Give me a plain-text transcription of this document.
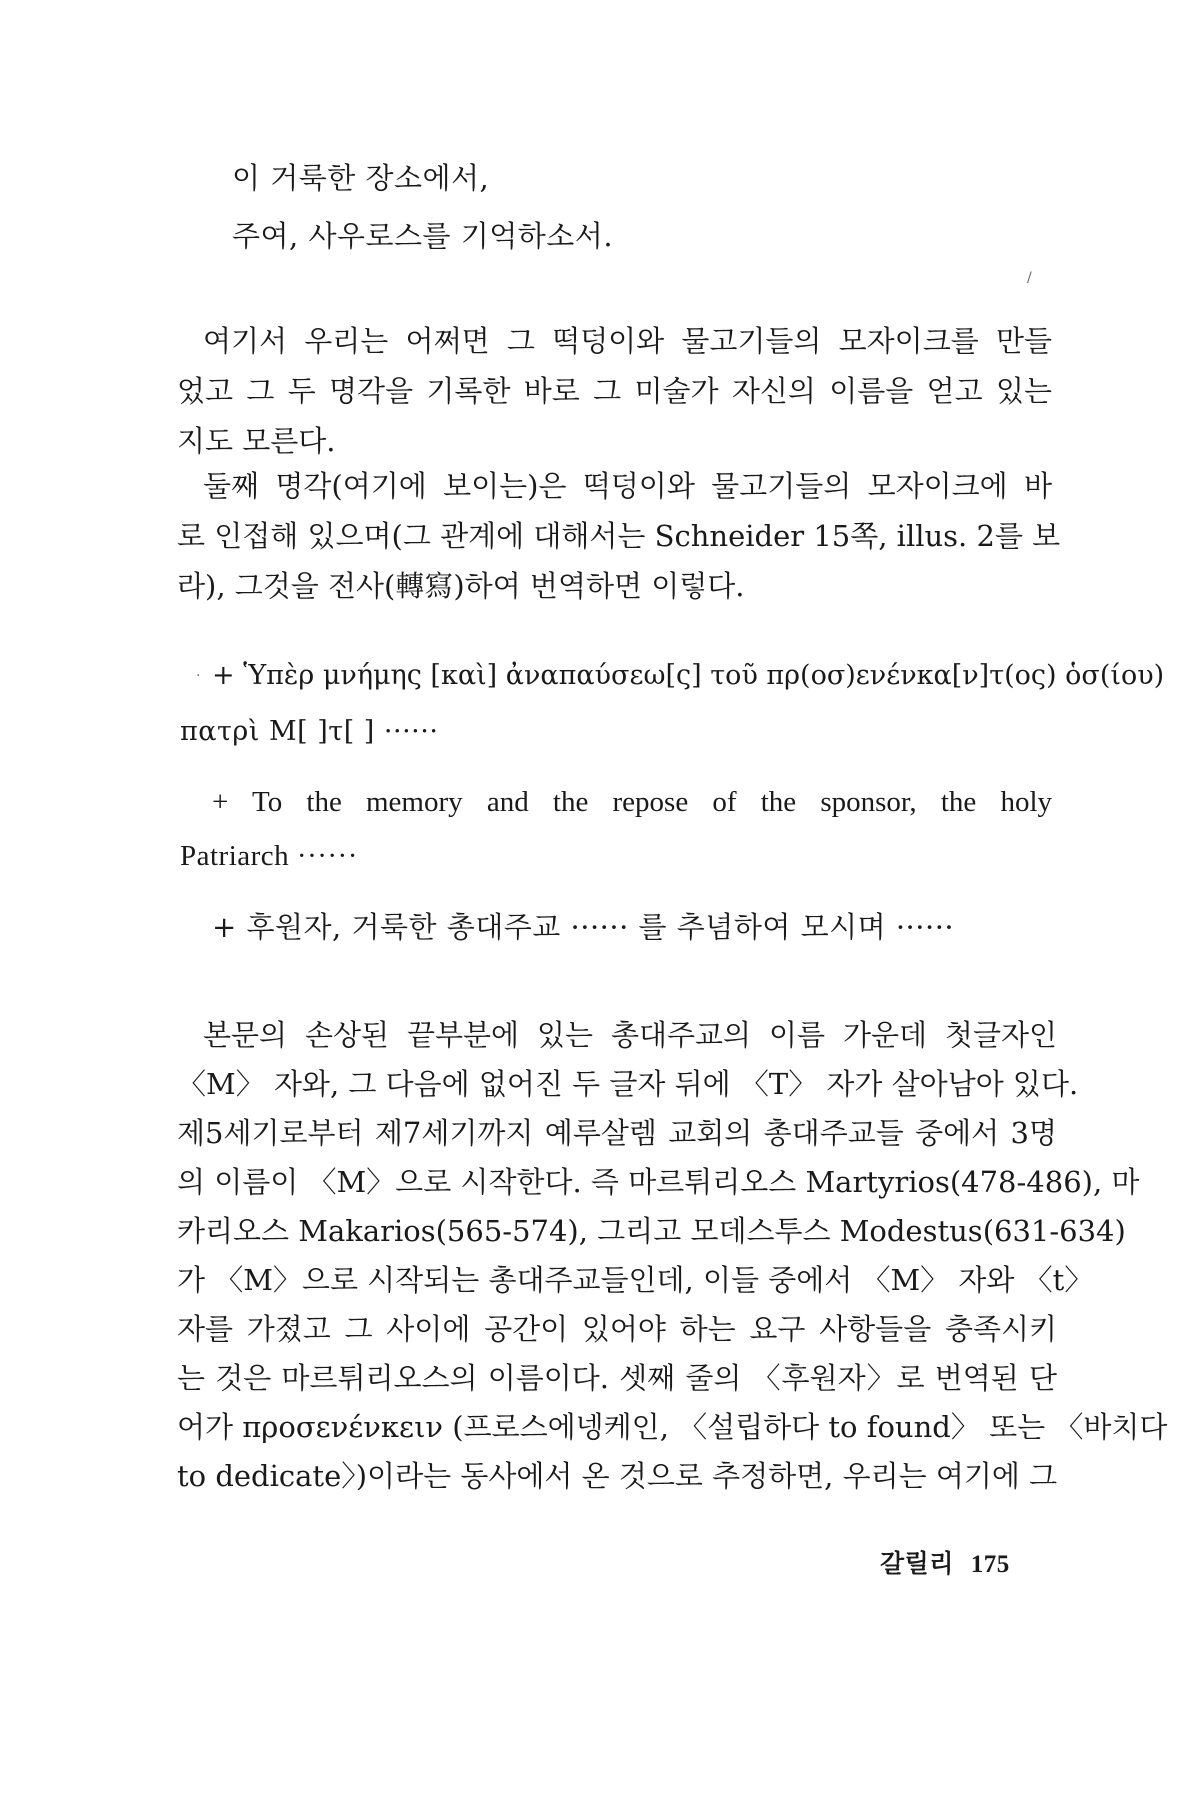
/
·
이 거룩한 장소에서,
주여, 사우로스를 기억하소서.
여기서 우리는 어쩌면 그 떡덩이와 물고기들의 모자이크를 만들
었고 그 두 명각을 기록한 바로 그 미술가 자신의 이름을 얻고 있는
지도 모른다.
둘째 명각(여기에 보이는)은 떡덩이와 물고기들의 모자이크에 바
로 인접해 있으며(그 관계에 대해서는 Schneider 15쪽, illus. 2를 보
라), 그것을 전사(轉寫)하여 번역하면 이렇다.
+ Ὑπὲρ μνήμης [καὶ] ἀναπαύσεω[ς] τοῦ πρ(οσ)ενένκα[ν]τ(ος) ὁσ(ίου)
πατρὶ Μ[ ]τ[ ] ······
+ To the memory and the repose of the sponsor, the holy
Patriarch ······
+ 후원자, 거룩한 총대주교 ······ 를 추념하여 모시며 ······
본문의 손상된 끝부분에 있는 총대주교의 이름 가운데 첫글자인
〈M〉 자와, 그 다음에 없어진 두 글자 뒤에 〈T〉 자가 살아남아 있다.
제5세기로부터 제7세기까지 예루살렘 교회의 총대주교들 중에서 3명
의 이름이 〈M〉으로 시작한다. 즉 마르튀리오스 Martyrios(478-486), 마
카리오스 Makarios(565-574), 그리고 모데스투스 Modestus(631-634)
가 〈M〉으로 시작되는 총대주교들인데, 이들 중에서 〈M〉 자와 〈t〉
자를 가졌고 그 사이에 공간이 있어야 하는 요구 사항들을 충족시키
는 것은 마르튀리오스의 이름이다. 셋째 줄의 〈후원자〉로 번역된 단
어가 προσενένκειν (프로스에넹케인, 〈설립하다 to found〉 또는 〈바치다
to dedicate〉)이라는 동사에서 온 것으로 추정하면, 우리는 여기에 그
갈릴리 175
